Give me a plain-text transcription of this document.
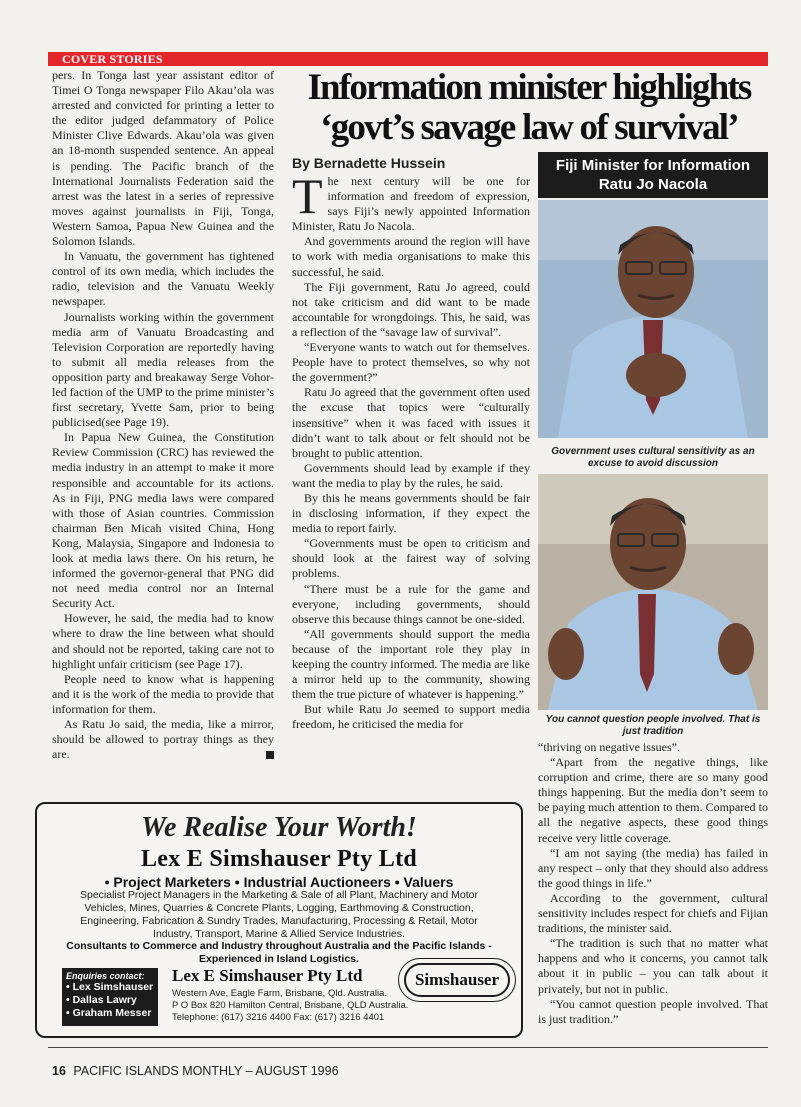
COVER STORIES

pers. In Tonga last year assistant editor of Timei O Tonga newspaper Filo Akau’ola was arrested and convicted for printing a letter to the editor judged defammatory of Police Minister Clive Edwards. Akau’ola was given an 18-month suspended sentence. An appeal is pending. The Pacific branch of the International Journalists Federation said the arrest was the latest in a series of repressive moves against journalists in Fiji, Tonga, Western Samoa, Papua New Guinea and the Solomon Islands.

In Vanuatu, the government has tightened control of its own media, which includes the radio, television and the Vanuatu Weekly newspaper.

Journalists working within the government media arm of Vanuatu Broadcasting and Television Corporation are reportedly having to submit all media releases from the opposition party and breakaway Serge Vohor-led faction of the UMP to the prime minister’s first secretary, Yvette Sam, prior to being publicised(see Page 19).

In Papua New Guinea, the Constitution Review Commission (CRC) has reviewed the media industry in an attempt to make it more responsible and accountable for its actions. As in Fiji, PNG media laws were compared with those of Asian countries. Commission chairman Ben Micah visited China, Hong Kong, Malaysia, Singapore and Indonesia to look at media laws there. On his return, he informed the governor-general that PNG did not need media control nor an Internal Security Act.

However, he said, the media had to know where to draw the line between what should and should not be reported, taking care not to highlight unfair criticism (see Page 17).

People need to know what is happening and it is the work of the media to provide that information for them.

As Ratu Jo said, the media, like a mirror, should be allowed to portray things as they are.

Information minister highlights
‘govt’s savage law of survival’
By Bernadette Hussein

The next century will be one for information and freedom of expression, says Fiji’s newly appointed Information Minister, Ratu Jo Nacola.

And governments around the region will have to work with media organisations to make this successful, he said.

The Fiji government, Ratu Jo agreed, could not take criticism and did want to be made accountable for wrongdoings. This, he said, was a reflection of the “savage law of survival”.

“Everyone wants to watch out for themselves. People have to protect themselves, so why not the government?”

Ratu Jo agreed that the government often used the excuse that topics were “culturally insensitive” when it was faced with issues it didn’t want to talk about or felt should not be brought to public attention.

Governments should lead by example if they want the media to play by the rules, he said.

By this he means governments should be fair in disclosing information, if they expect the media to report fairly.

“Governments must be open to criticism and should look at the fairest way of solving problems.

“There must be a rule for the game and everyone, including governments, should observe this because things cannot be one-sided.

“All governments should support the media because of the important role they play in keeping the country informed. The media are like a mirror held up to the community, showing them the true picture of whatever is happening.”

But while Ratu Jo seemed to support media freedom, he criticised the media for

Fiji Minister for Information
Ratu Jo Nacola
Government uses cultural sensitivity as an excuse to avoid discussion
You cannot question people involved. That is just tradition

“thriving on negative issues”.

“Apart from the negative things, like corruption and crime, there are so many good things happening. But the media don’t seem to be paying much attention to them. Compared to all the negative aspects, these good things receive very little coverage.

“I am not saying (the media) has failed in any respect – only that they should also address the good things in life.”

According to the government, cultural sensitivity includes respect for chiefs and Fijian traditions, the minister said.

“The tradition is such that no matter what happens and who it concerns, you cannot talk about it in public – you can talk about it privately, but not in public.

“You cannot question people involved. That is just tradition.”

We Realise Your Worth!
Lex E Simshauser Pty Ltd
• Project Marketers • Industrial Auctioneers • Valuers
Specialist Project Managers in the Marketing & Sale of all Plant, Machinery and Motor Vehicles, Mines, Quarries & Concrete Plants, Logging, Earthmoving & Construction, Engineering, Fabrication & Sundry Trades, Manufacturing, Processing & Retail, Motor Industry, Transport, Marine & Allied Service Industries.
Consultants to Commerce and Industry throughout Australia and the Pacific Islands - Experienced in Island Logistics.
Enquiries contact:
• Lex Simshauser
• Dallas Lawry
• Graham Messer
Lex E Simshauser Pty Ltd
Western Ave, Eagle Farm, Brisbane, Qld. Australia.
P O Box 820 Hamilton Central, Brisbane, QLD Australia.
Telephone: (617) 3216 4400 Fax: (617) 3216 4401
Simshauser
16 PACIFIC ISLANDS MONTHLY – AUGUST 1996
